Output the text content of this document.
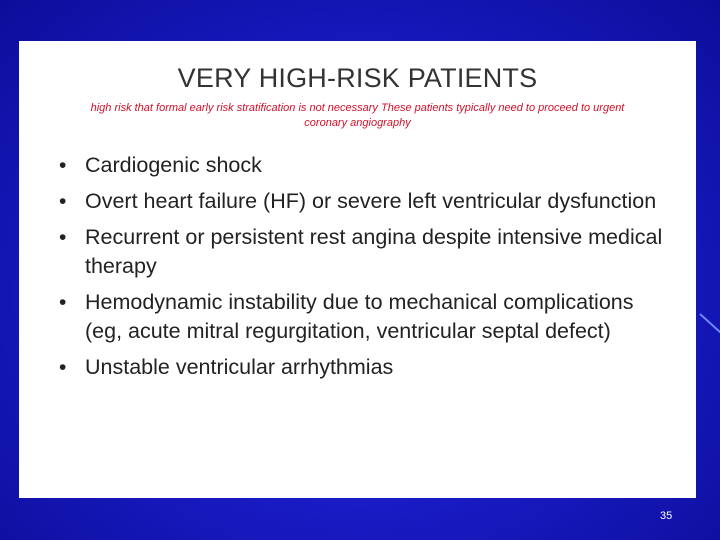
VERY HIGH-RISK PATIENTS
high risk that formal early risk stratification is not necessary These patients typically need to proceed to urgent coronary angiography
• Cardiogenic shock
• Overt heart failure (HF) or severe left ventricular dysfunction
• Recurrent or persistent rest angina despite intensive medical therapy
• Hemodynamic instability due to mechanical complications (eg, acute mitral regurgitation, ventricular septal defect)
• Unstable ventricular arrhythmias
35
